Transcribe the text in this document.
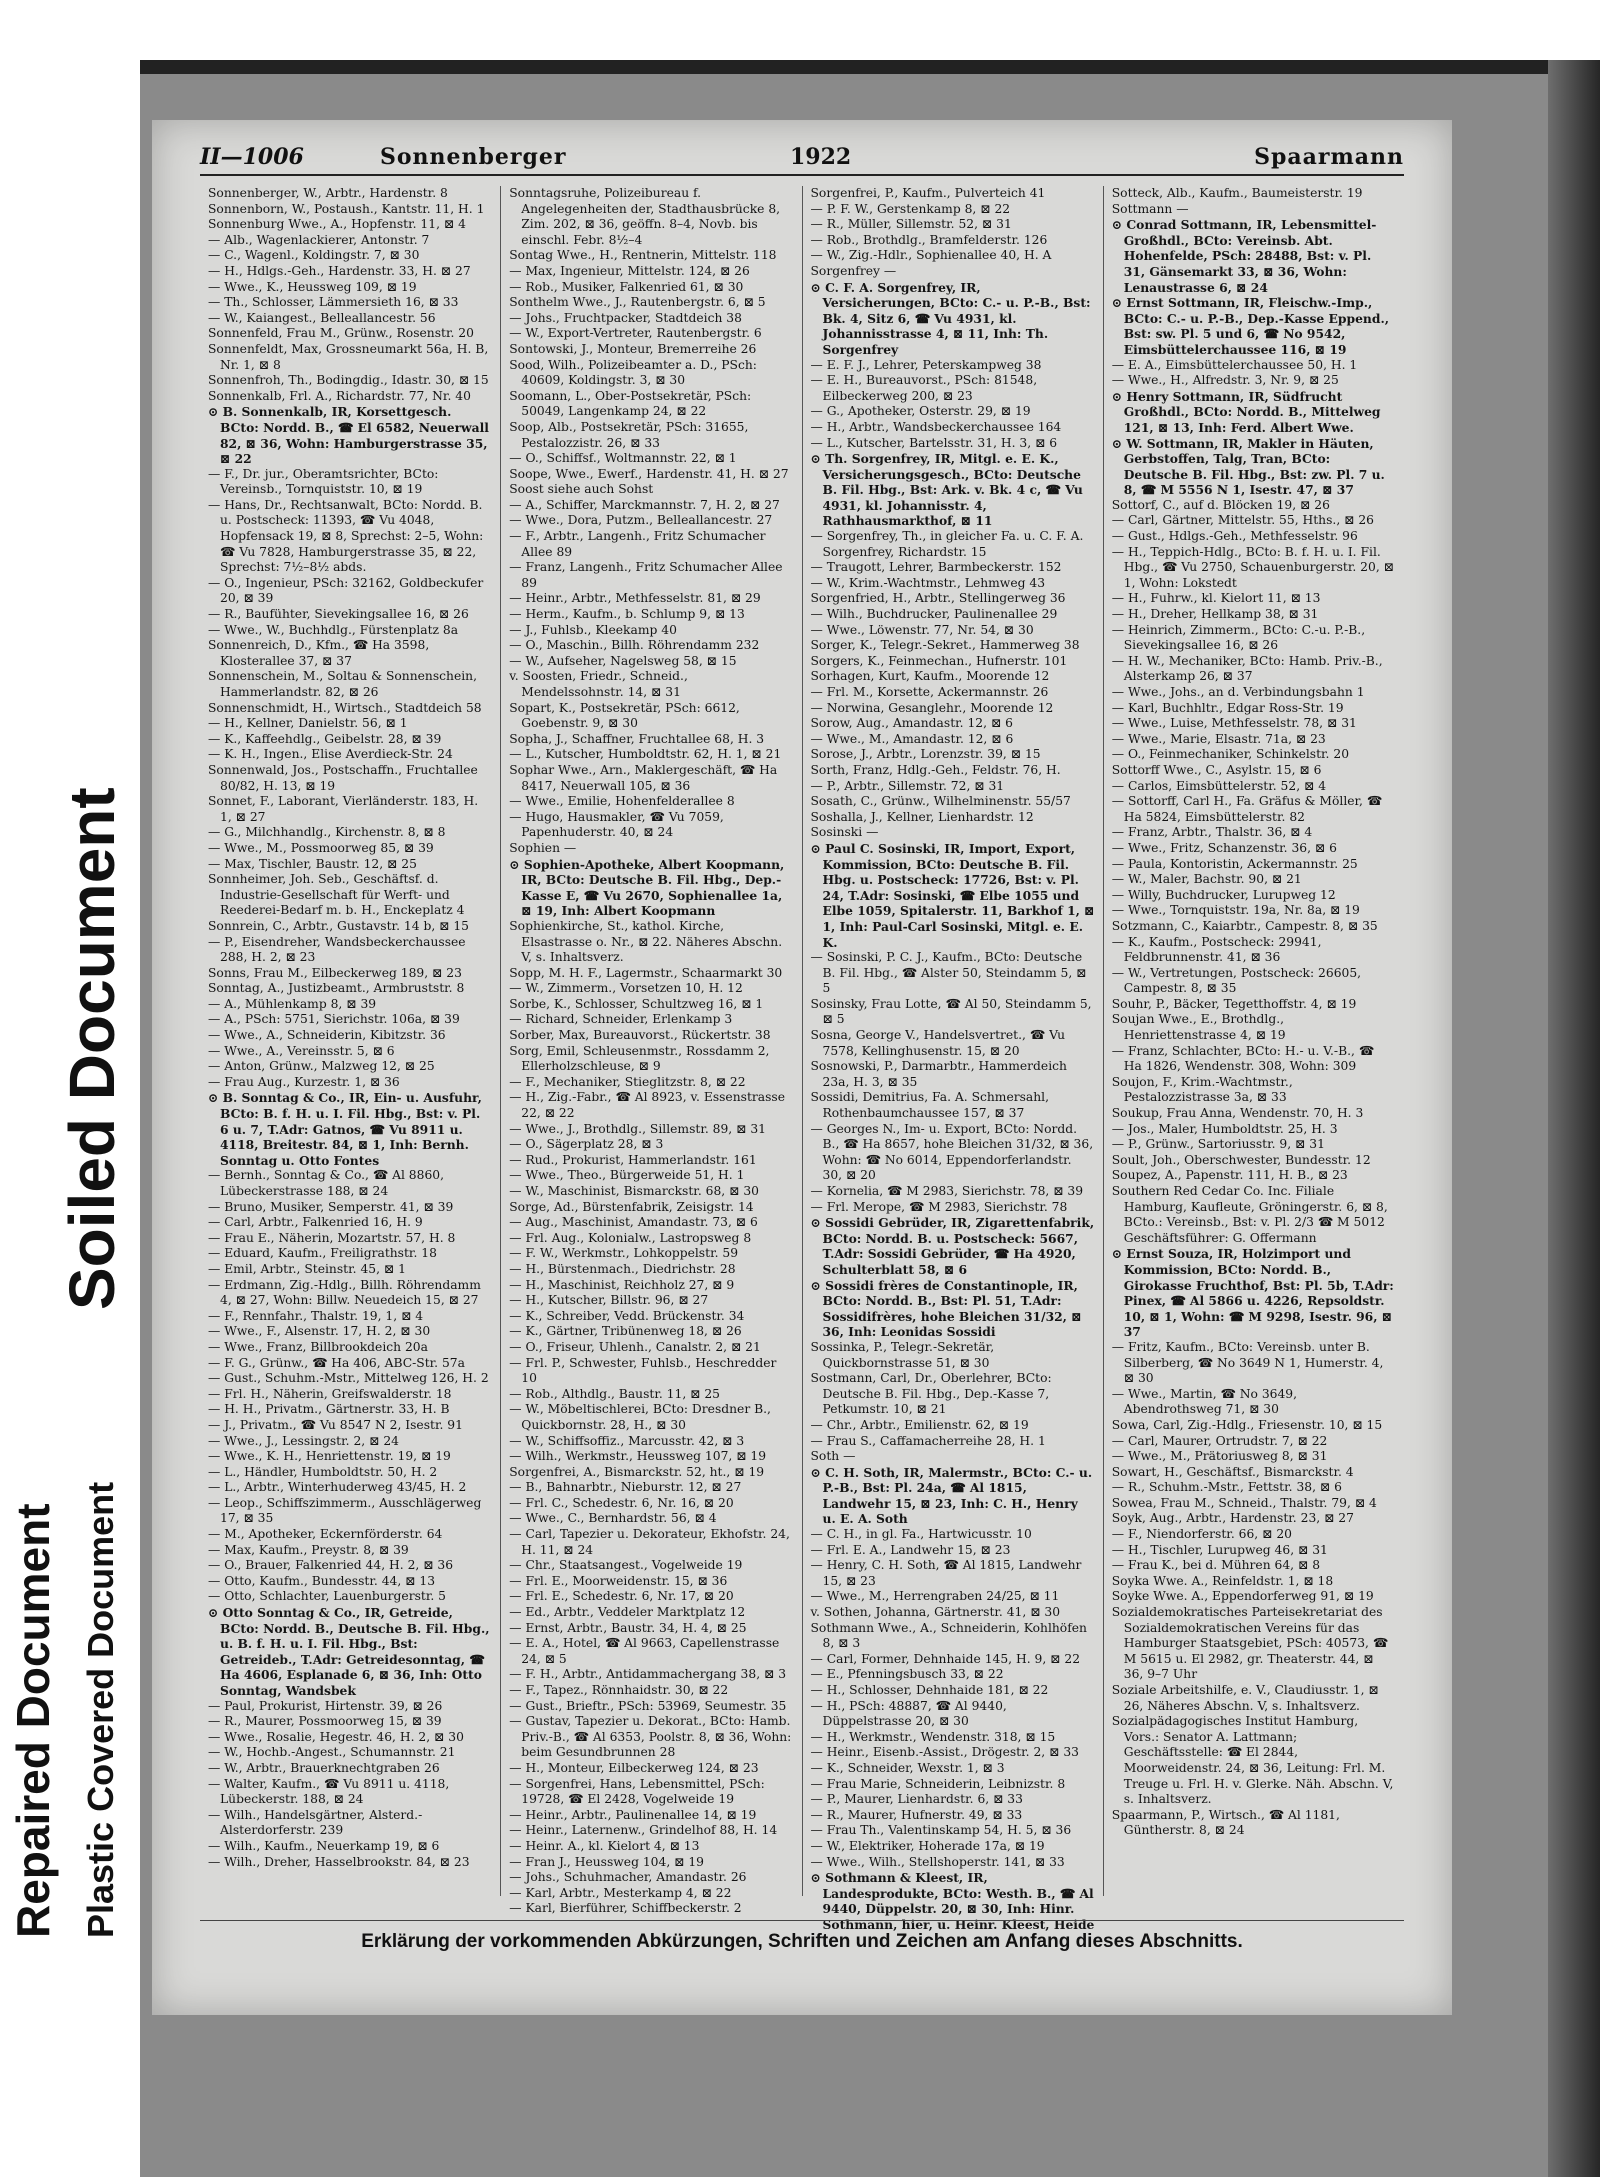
Repaired Document Plastic Covered Document
Soiled Document
II—1006	Sonnenberger	1922	Spaarmann
Sonnenberger, W., Arbtr., Hardenstr. 8
Sonnenborn, W., Postaush., Kantstr. 11, H. 1
Sonnenburg Wwe., A., Hopfenstr. 11, ⊠ 4
— Alb., Wagenlackierer, Antonstr. 7
— C., Wagenl., Koldingstr. 7, ⊠ 30
— H., Hdlgs.-Geh., Hardenstr. 33, H. ⊠ 27
— Wwe., K., Heussweg 109, ⊠ 19
— Th., Schlosser, Lämmersieth 16, ⊠ 33
— W., Kaiangest., Belleallancestr. 56
Sonnenfeld, Frau M., Grünw., Rosenstr. 20
Sonnenfeldt, Max, Grossneumarkt 56a, H. B, Nr. 1, ⊠ 8
Sonnenfroh, Th., Bodingdig., Idastr. 30, ⊠ 15
Sonnenkalb, Frl. A., Richardstr. 77, Nr. 40
⊙ B. Sonnenkalb, IR, Korsettgesch. BCto: Nordd. B., ☎ El 6582, Neuerwall 82, ⊠ 36, Wohn: Hamburgerstrasse 35, ⊠ 22
— F., Dr. jur., Oberamtsrichter, BCto: Vereinsb., Tornquiststr. 10, ⊠ 19
— Hans, Dr., Rechtsanwalt, BCto: Nordd. B. u. Postscheck: 11393, ☎ Vu 4048, Hopfensack 19, ⊠ 8, Sprechst: 2–5, Wohn: ☎ Vu 7828, Hamburgerstrasse 35, ⊠ 22, Sprechst: 7½–8½ abds.
— O., Ingenieur, PSch: 32162, Goldbeckufer 20, ⊠ 39
— R., Baufühter, Sievekingsallee 16, ⊠ 26
— Wwe., W., Buchhdlg., Fürstenplatz 8a
Sonnenreich, D., Kfm., ☎ Ha 3598, Klosterallee 37, ⊠ 37
Sonnenschein, M., Soltau & Sonnenschein, Hammerlandstr. 82, ⊠ 26
Sonnenschmidt, H., Wirtsch., Stadtdeich 58
— H., Kellner, Danielstr. 56, ⊠ 1
— K., Kaffeehdlg., Geibelstr. 28, ⊠ 39
— K. H., Ingen., Elise Averdieck-Str. 24
Sonnenwald, Jos., Postschaffn., Fruchtallee 80/82, H. 13, ⊠ 19
Sonnet, F., Laborant, Vierländerstr. 183, H. 1, ⊠ 27
— G., Milchhandlg., Kirchenstr. 8, ⊠ 8
— Wwe., M., Possmoorweg 85, ⊠ 39
— Max, Tischler, Baustr. 12, ⊠ 25
Sonnheimer, Joh. Seb., Geschäftsf. d. Industrie-Gesellschaft für Werft- und Reederei-Bedarf m. b. H., Enckeplatz 4
Sonnrein, C., Arbtr., Gustavstr. 14 b, ⊠ 15
— P., Eisendreher, Wandsbeckerchaussee 288, H. 2, ⊠ 23
Sonns, Frau M., Eilbeckerweg 189, ⊠ 23
Sonntag, A., Justizbeamt., Armbruststr. 8
— A., Mühlenkamp 8, ⊠ 39
— A., PSch: 5751, Sierichstr. 106a, ⊠ 39
— Wwe., A., Schneiderin, Kibitzstr. 36
— Wwe., A., Vereinsstr. 5, ⊠ 6
— Anton, Grünw., Malzweg 12, ⊠ 25
— Frau Aug., Kurzestr. 1, ⊠ 36
⊙ B. Sonntag & Co., IR, Ein- u. Ausfuhr, BCto: B. f. H. u. I. Fil. Hbg., Bst: v. Pl. 6 u. 7, T.Adr: Gatnos, ☎ Vu 8911 u. 4118, Breitestr. 84, ⊠ 1, Inh: Bernh. Sonntag u. Otto Fontes
— Bernh., Sonntag & Co., ☎ Al 8860, Lübeckerstrasse 188, ⊠ 24
— Bruno, Musiker, Semperstr. 41, ⊠ 39
— Carl, Arbtr., Falkenried 16, H. 9
— Frau E., Näherin, Mozartstr. 57, H. 8
— Eduard, Kaufm., Freiligrathstr. 18
— Emil, Arbtr., Steinstr. 45, ⊠ 1
— Erdmann, Zig.-Hdlg., Billh. Röhrendamm 4, ⊠ 27, Wohn: Billw. Neuedeich 15, ⊠ 27
— F., Rennfahr., Thalstr. 19, 1, ⊠ 4
— Wwe., F., Alsenstr. 17, H. 2, ⊠ 30
— Wwe., Franz, Billbrookdeich 20a
— F. G., Grünw., ☎ Ha 406, ABC-Str. 57a
— Gust., Schuhm.-Mstr., Mittelweg 126, H. 2
— Frl. H., Näherin, Greifswalderstr. 18
— H. H., Privatm., Gärtnerstr. 33, H. B
— J., Privatm., ☎ Vu 8547 N 2, Isestr. 91
— Wwe., J., Lessingstr. 2, ⊠ 24
— Wwe., K. H., Henriettenstr. 19, ⊠ 19
— L., Händler, Humboldtstr. 50, H. 2
— L., Arbtr., Winterhuderweg 43/45, H. 2
— Leop., Schiffszimmerm., Ausschlägerweg 17, ⊠ 35
— M., Apotheker, Eckernförderstr. 64
— Max, Kaufm., Preystr. 8, ⊠ 39
— O., Brauer, Falkenried 44, H. 2, ⊠ 36
— Otto, Kaufm., Bundesstr. 44, ⊠ 13
— Otto, Schlachter, Lauenburgerstr. 5
⊙ Otto Sonntag & Co., IR, Getreide, BCto: Nordd. B., Deutsche B. Fil. Hbg., u. B. f. H. u. I. Fil. Hbg., Bst: Getreideb., T.Adr: Getreidesonntag, ☎ Ha 4606, Esplanade 6, ⊠ 36, Inh: Otto Sonntag, Wandsbek
— Paul, Prokurist, Hirtenstr. 39, ⊠ 26
— R., Maurer, Possmoorweg 15, ⊠ 39
— Wwe., Rosalie, Hegestr. 46, H. 2, ⊠ 30
— W., Hochb.-Angest., Schumannstr. 21
— W., Arbtr., Brauerknechtgraben 26
— Walter, Kaufm., ☎ Vu 8911 u. 4118, Lübeckerstr. 188, ⊠ 24
— Wilh., Handelsgärtner, Alsterd.-Alsterdorferstr. 239
— Wilh., Kaufm., Neuerkamp 19, ⊠ 6
— Wilh., Dreher, Hasselbrookstr. 84, ⊠ 23
Sonntagsruhe, Polizeibureau f. Angelegenheiten der, Stadthausbrücke 8, Zim. 202, ⊠ 36, geöffn. 8–4, Novb. bis einschl. Febr. 8½–4
Sontag Wwe., H., Rentnerin, Mittelstr. 118
— Max, Ingenieur, Mittelstr. 124, ⊠ 26
— Rob., Musiker, Falkenried 61, ⊠ 30
Sonthelm Wwe., J., Rautenbergstr. 6, ⊠ 5
— Johs., Fruchtpacker, Stadtdeich 38
— W., Export-Vertreter, Rautenbergstr. 6
Sontowski, J., Monteur, Bremerreihe 26
Sood, Wilh., Polizeibeamter a. D., PSch: 40609, Koldingstr. 3, ⊠ 30
Soomann, L., Ober-Postsekretär, PSch: 50049, Langenkamp 24, ⊠ 22
Soop, Alb., Postsekretär, PSch: 31655, Pestalozzistr. 26, ⊠ 33
— O., Schiffsf., Woltmannstr. 22, ⊠ 1
Soope, Wwe., Ewerf., Hardenstr. 41, H. ⊠ 27
Soost siehe auch Sohst
— A., Schiffer, Marckmannstr. 7, H. 2, ⊠ 27
— Wwe., Dora, Putzm., Belleallancestr. 27
— F., Arbtr., Langenh., Fritz Schumacher Allee 89
— Franz, Langenh., Fritz Schumacher Allee 89
— Heinr., Arbtr., Methfesselstr. 81, ⊠ 29
— Herm., Kaufm., b. Schlump 9, ⊠ 13
— J., Fuhlsb., Kleekamp 40
— O., Maschin., Billh. Röhrendamm 232
— W., Aufseher, Nagelsweg 58, ⊠ 15
v. Soosten, Friedr., Schneid., Mendelssohnstr. 14, ⊠ 31
Sopart, K., Postsekretär, PSch: 6612, Goebenstr. 9, ⊠ 30
Sopha, J., Schaffner, Fruchtallee 68, H. 3
— L., Kutscher, Humboldtstr. 62, H. 1, ⊠ 21
Sophar Wwe., Arn., Maklergeschäft, ☎ Ha 8417, Neuerwall 105, ⊠ 36
— Wwe., Emilie, Hohenfelderallee 8
— Hugo, Hausmakler, ☎ Vu 7059, Papenhuderstr. 40, ⊠ 24
Sophien —
⊙ Sophien-Apotheke, Albert Koopmann, IR, BCto: Deutsche B. Fil. Hbg., Dep.-Kasse E, ☎ Vu 2670, Sophienallee 1a, ⊠ 19, Inh: Albert Koopmann
Sophienkirche, St., kathol. Kirche, Elsastrasse o. Nr., ⊠ 22. Näheres Abschn. V, s. Inhaltsverz.
Sopp, M. H. F., Lagermstr., Schaarmarkt 30
— W., Zimmerm., Vorsetzen 10, H. 12
Sorbe, K., Schlosser, Schultzweg 16, ⊠ 1
— Richard, Schneider, Erlenkamp 3
Sorber, Max, Bureauvorst., Rückertstr. 38
Sorg, Emil, Schleusenmstr., Rossdamm 2, Ellerholzschleuse, ⊠ 9
— F., Mechaniker, Stieglitzstr. 8, ⊠ 22
— H., Zig.-Fabr., ☎ Al 8923, v. Essenstrasse 22, ⊠ 22
— Wwe., J., Brothdlg., Sillemstr. 89, ⊠ 31
— O., Sägerplatz 28, ⊠ 3
— Rud., Prokurist, Hammerlandstr. 161
— Wwe., Theo., Bürgerweide 51, H. 1
— W., Maschinist, Bismarckstr. 68, ⊠ 30
Sorge, Ad., Bürstenfabrik, Zeisigstr. 14
— Aug., Maschinist, Amandastr. 73, ⊠ 6
— Frl. Aug., Kolonialw., Lastropsweg 8
— F. W., Werkmstr., Lohkoppelstr. 59
— H., Bürstenmach., Diedrichstr. 28
— H., Maschinist, Reichholz 27, ⊠ 9
— H., Kutscher, Billstr. 96, ⊠ 27
— K., Schreiber, Vedd. Brückenstr. 34
— K., Gärtner, Tribünenweg 18, ⊠ 26
— O., Friseur, Uhlenh., Canalstr. 2, ⊠ 21
— Frl. P., Schwester, Fuhlsb., Heschredder 10
— Rob., Althdlg., Baustr. 11, ⊠ 25
— W., Möbeltischlerei, BCto: Dresdner B., Quickbornstr. 28, H., ⊠ 30
— W., Schiffsoffiz., Marcusstr. 42, ⊠ 3
— Wilh., Werkmstr., Heussweg 107, ⊠ 19
Sorgenfrei, A., Bismarckstr. 52, ht., ⊠ 19
— B., Bahnarbtr., Nieburstr. 12, ⊠ 27
— Frl. C., Schedestr. 6, Nr. 16, ⊠ 20
— Wwe., C., Bernhardstr. 56, ⊠ 4
— Carl, Tapezier u. Dekorateur, Ekhofstr. 24, H. 11, ⊠ 24
— Chr., Staatsangest., Vogelweide 19
— Frl. E., Moorweidenstr. 15, ⊠ 36
— Frl. E., Schedestr. 6, Nr. 17, ⊠ 20
— Ed., Arbtr., Veddeler Marktplatz 12
— Ernst, Arbtr., Baustr. 34, H. 4, ⊠ 25
— E. A., Hotel, ☎ Al 9663, Capellenstrasse 24, ⊠ 5
— F. H., Arbtr., Antidammachergang 38, ⊠ 3
— F., Tapez., Rönnhaidstr. 30, ⊠ 22
— Gust., Brieftr., PSch: 53969, Seumestr. 35
— Gustav, Tapezier u. Dekorat., BCto: Hamb. Priv.-B., ☎ Al 6353, Poolstr. 8, ⊠ 36, Wohn: beim Gesundbrunnen 28
— H., Monteur, Eilbeckerweg 124, ⊠ 23
— Sorgenfrei, Hans, Lebensmittel, PSch: 19728, ☎ El 2428, Vogelweide 19
— Heinr., Arbtr., Paulinenallee 14, ⊠ 19
— Heinr., Laternenw., Grindelhof 88, H. 14
— Heinr. A., kl. Kielort 4, ⊠ 13
— Fran J., Heussweg 104, ⊠ 19
— Johs., Schuhmacher, Amandastr. 26
— Karl, Arbtr., Mesterkamp 4, ⊠ 22
— Karl, Bierführer, Schiffbeckerstr. 2
Sorgenfrei, P., Kaufm., Pulverteich 41
— P. F. W., Gerstenkamp 8, ⊠ 22
— R., Müller, Sillemstr. 52, ⊠ 31
— Rob., Brothdlg., Bramfelderstr. 126
— W., Zig.-Hdlr., Sophienallee 40, H. A
Sorgenfrey —
⊙ C. F. A. Sorgenfrey, IR, Versicherungen, BCto: C.- u. P.-B., Bst: Bk. 4, Sitz 6, ☎ Vu 4931, kl. Johannisstrasse 4, ⊠ 11, Inh: Th. Sorgenfrey
— E. F. J., Lehrer, Peterskampweg 38
— E. H., Bureauvorst., PSch: 81548, Eilbeckerweg 200, ⊠ 23
— G., Apotheker, Osterstr. 29, ⊠ 19
— H., Arbtr., Wandsbeckerchaussee 164
— L., Kutscher, Bartelsstr. 31, H. 3, ⊠ 6
⊙ Th. Sorgenfrey, IR, Mitgl. e. E. K., Versicherungsgesch., BCto: Deutsche B. Fil. Hbg., Bst: Ark. v. Bk. 4 c, ☎ Vu 4931, kl. Johannisstr. 4, Rathhausmarkthof, ⊠ 11
— Sorgenfrey, Th., in gleicher Fa. u. C. F. A. Sorgenfrey, Richardstr. 15
— Traugott, Lehrer, Barmbeckerstr. 152
— W., Krim.-Wachtmstr., Lehmweg 43
Sorgenfried, H., Arbtr., Stellingerweg 36
— Wilh., Buchdrucker, Paulinenallee 29
— Wwe., Löwenstr. 77, Nr. 54, ⊠ 30
Sorger, K., Telegr.-Sekret., Hammerweg 38
Sorgers, K., Feinmechan., Hufnerstr. 101
Sorhagen, Kurt, Kaufm., Moorende 12
— Frl. M., Korsette, Ackermannstr. 26
— Norwina, Gesanglehr., Moorende 12
Sorow, Aug., Amandastr. 12, ⊠ 6
— Wwe., M., Amandastr. 12, ⊠ 6
Sorose, J., Arbtr., Lorenzstr. 39, ⊠ 15
Sorth, Franz, Hdlg.-Geh., Feldstr. 76, H.
— P., Arbtr., Sillemstr. 72, ⊠ 31
Sosath, C., Grünw., Wilhelminenstr. 55/57
Soshalla, J., Kellner, Lienhardstr. 12
Sosinski —
⊙ Paul C. Sosinski, IR, Import, Export, Kommission, BCto: Deutsche B. Fil. Hbg. u. Postscheck: 17726, Bst: v. Pl. 24, T.Adr: Sosinski, ☎ Elbe 1055 und Elbe 1059, Spitalerstr. 11, Barkhof 1, ⊠ 1, Inh: Paul-Carl Sosinski, Mitgl. e. E. K.
— Sosinski, P. C. J., Kaufm., BCto: Deutsche B. Fil. Hbg., ☎ Alster 50, Steindamm 5, ⊠ 5
Sosinsky, Frau Lotte, ☎ Al 50, Steindamm 5, ⊠ 5
Sosna, George V., Handelsvertret., ☎ Vu 7578, Kellinghusenstr. 15, ⊠ 20
Sosnowski, P., Darmarbtr., Hammerdeich 23a, H. 3, ⊠ 35
Sossidi, Demitrius, Fa. A. Schmersahl, Rothenbaumchaussee 157, ⊠ 37
— Georges N., Im- u. Export, BCto: Nordd. B., ☎ Ha 8657, hohe Bleichen 31/32, ⊠ 36, Wohn: ☎ No 6014, Eppendorferlandstr. 30, ⊠ 20
— Kornelia, ☎ M 2983, Sierichstr. 78, ⊠ 39
— Frl. Merope, ☎ M 2983, Sierichstr. 78
⊙ Sossidi Gebrüder, IR, Zigarettenfabrik, BCto: Nordd. B. u. Postscheck: 5667, T.Adr: Sossidi Gebrüder, ☎ Ha 4920, Schulterblatt 58, ⊠ 6
⊙ Sossidi frères de Constantinople, IR, BCto: Nordd. B., Bst: Pl. 51, T.Adr: Sossidifrères, hohe Bleichen 31/32, ⊠ 36, Inh: Leonidas Sossidi
Sossinka, P., Telegr.-Sekretär, Quickbornstrasse 51, ⊠ 30
Sostmann, Carl, Dr., Oberlehrer, BCto: Deutsche B. Fil. Hbg., Dep.-Kasse 7, Petkumstr. 10, ⊠ 21
— Chr., Arbtr., Emilienstr. 62, ⊠ 19
— Frau S., Caffamacherreihe 28, H. 1
Soth —
⊙ C. H. Soth, IR, Malermstr., BCto: C.- u. P.-B., Bst: Pl. 24a, ☎ Al 1815, Landwehr 15, ⊠ 23, Inh: C. H., Henry u. E. A. Soth
— C. H., in gl. Fa., Hartwicusstr. 10
— Frl. E. A., Landwehr 15, ⊠ 23
— Henry, C. H. Soth, ☎ Al 1815, Landwehr 15, ⊠ 23
— Wwe., M., Herrengraben 24/25, ⊠ 11
v. Sothen, Johanna, Gärtnerstr. 41, ⊠ 30
Sothmann Wwe., A., Schneiderin, Kohlhöfen 8, ⊠ 3
— Carl, Former, Dehnhaide 145, H. 9, ⊠ 22
— E., Pfenningsbusch 33, ⊠ 22
— H., Schlosser, Dehnhaide 181, ⊠ 22
— H., PSch: 48887, ☎ Al 9440, Düppelstrasse 20, ⊠ 30
— H., Werkmstr., Wendenstr. 318, ⊠ 15
— Heinr., Eisenb.-Assist., Drögestr. 2, ⊠ 33
— K., Schneider, Wexstr. 1, ⊠ 3
— Frau Marie, Schneiderin, Leibnizstr. 8
— P., Maurer, Lienhardstr. 6, ⊠ 33
— R., Maurer, Hufnerstr. 49, ⊠ 33
— Frau Th., Valentinskamp 54, H. 5, ⊠ 36
— W., Elektriker, Hoherade 17a, ⊠ 19
— Wwe., Wilh., Stellshoperstr. 141, ⊠ 33
⊙ Sothmann & Kleest, IR, Landesprodukte, BCto: Westh. B., ☎ Al 9440, Düppelstr. 20, ⊠ 30, Inh: Hinr. Sothmann, hier, u. Heinr. Kleest, Heide
Sotteck, Alb., Kaufm., Baumeisterstr. 19
Sottmann —
⊙ Conrad Sottmann, IR, Lebensmittel-Großhdl., BCto: Vereinsb. Abt. Hohenfelde, PSch: 28488, Bst: v. Pl. 31, Gänsemarkt 33, ⊠ 36, Wohn: Lenaustrasse 6, ⊠ 24
⊙ Ernst Sottmann, IR, Fleischw.-Imp., BCto: C.- u. P.-B., Dep.-Kasse Eppend., Bst: sw. Pl. 5 und 6, ☎ No 9542, Eimsbüttelerchaussee 116, ⊠ 19
— E. A., Eimsbüttelerchaussee 50, H. 1
— Wwe., H., Alfredstr. 3, Nr. 9, ⊠ 25
⊙ Henry Sottmann, IR, Südfrucht Großhdl., BCto: Nordd. B., Mittelweg 121, ⊠ 13, Inh: Ferd. Albert Wwe.
⊙ W. Sottmann, IR, Makler in Häuten, Gerbstoffen, Talg, Tran, BCto: Deutsche B. Fil. Hbg., Bst: zw. Pl. 7 u. 8, ☎ M 5556 N 1, Isestr. 47, ⊠ 37
Sottorf, C., auf d. Blöcken 19, ⊠ 26
— Carl, Gärtner, Mittelstr. 55, Hths., ⊠ 26
— Gust., Hdlgs.-Geh., Methfesselstr. 96
— H., Teppich-Hdlg., BCto: B. f. H. u. I. Fil. Hbg., ☎ Vu 2750, Schauenburgerstr. 20, ⊠ 1, Wohn: Lokstedt
— H., Fuhrw., kl. Kielort 11, ⊠ 13
— H., Dreher, Hellkamp 38, ⊠ 31
— Heinrich, Zimmerm., BCto: C.-u. P.-B., Sievekingsallee 16, ⊠ 26
— H. W., Mechaniker, BCto: Hamb. Priv.-B., Alsterkamp 26, ⊠ 37
— Wwe., Johs., an d. Verbindungsbahn 1
— Karl, Buchhltr., Edgar Ross-Str. 19
— Wwe., Luise, Methfesselstr. 78, ⊠ 31
— Wwe., Marie, Elsastr. 71a, ⊠ 23
— O., Feinmechaniker, Schinkelstr. 20
Sottorff Wwe., C., Asylstr. 15, ⊠ 6
— Carlos, Eimsbüttelerstr. 52, ⊠ 4
— Sottorff, Carl H., Fa. Gräfus & Möller, ☎ Ha 5824, Eimsbüttelerstr. 82
— Franz, Arbtr., Thalstr. 36, ⊠ 4
— Wwe., Fritz, Schanzenstr. 36, ⊠ 6
— Paula, Kontoristin, Ackermannstr. 25
— W., Maler, Bachstr. 90, ⊠ 21
— Willy, Buchdrucker, Lurupweg 12
— Wwe., Tornquiststr. 19a, Nr. 8a, ⊠ 19
Sotzmann, C., Kaiarbtr., Campestr. 8, ⊠ 35
— K., Kaufm., Postscheck: 29941, Feldbrunnenstr. 41, ⊠ 36
— W., Vertretungen, Postscheck: 26605, Campestr. 8, ⊠ 35
Souhr, P., Bäcker, Tegetthoffstr. 4, ⊠ 19
Soujan Wwe., E., Brothdlg., Henriettenstrasse 4, ⊠ 19
— Franz, Schlachter, BCto: H.- u. V.-B., ☎ Ha 1826, Wendenstr. 308, Wohn: 309
Soujon, F., Krim.-Wachtmstr., Pestalozzistrasse 3a, ⊠ 33
Soukup, Frau Anna, Wendenstr. 70, H. 3
— Jos., Maler, Humboldtstr. 25, H. 3
— P., Grünw., Sartoriusstr. 9, ⊠ 31
Soult, Joh., Oberschwester, Bundesstr. 12
Soupez, A., Papenstr. 111, H. B., ⊠ 23
Southern Red Cedar Co. Inc. Filiale Hamburg, Kaufleute, Gröningerstr. 6, ⊠ 8, BCto.: Vereinsb., Bst: v. Pl. 2/3 ☎ M 5012 Geschäftsführer: G. Offermann
⊙ Ernst Souza, IR, Holzimport und Kommission, BCto: Nordd. B., Girokasse Fruchthof, Bst: Pl. 5b, T.Adr: Pinex, ☎ Al 5866 u. 4226, Repsoldstr. 10, ⊠ 1, Wohn: ☎ M 9298, Isestr. 96, ⊠ 37
— Fritz, Kaufm., BCto: Vereinsb. unter B. Silberberg, ☎ No 3649 N 1, Humerstr. 4, ⊠ 30
— Wwe., Martin, ☎ No 3649, Abendrothsweg 71, ⊠ 30
Sowa, Carl, Zig.-Hdlg., Friesenstr. 10, ⊠ 15
— Carl, Maurer, Ortrudstr. 7, ⊠ 22
— Wwe., M., Prätoriusweg 8, ⊠ 31
Sowart, H., Geschäftsf., Bismarckstr. 4
— R., Schuhm.-Mstr., Fettstr. 38, ⊠ 6
Sowea, Frau M., Schneid., Thalstr. 79, ⊠ 4
Soyk, Aug., Arbtr., Hardenstr. 23, ⊠ 27
— F., Niendorferstr. 66, ⊠ 20
— H., Tischler, Lurupweg 46, ⊠ 31
— Frau K., bei d. Mühren 64, ⊠ 8
Soyka Wwe. A., Reinfeldstr. 1, ⊠ 18
Soyke Wwe. A., Eppendorferweg 91, ⊠ 19
Sozialdemokratisches Parteisekretariat des Sozialdemokratischen Vereins für das Hamburger Staatsgebiet, PSch: 40573, ☎ M 5615 u. El 2982, gr. Theaterstr. 44, ⊠ 36, 9–7 Uhr
Soziale Arbeitshilfe, e. V., Claudiusstr. 1, ⊠ 26, Näheres Abschn. V, s. Inhaltsverz.
Sozialpädagogisches Institut Hamburg, Vors.: Senator A. Lattmann; Geschäftsstelle: ☎ El 2844, Moorweidenstr. 24, ⊠ 36, Leitung: Frl. M. Treuge u. Frl. H. v. Glerke. Näh. Abschn. V, s. Inhaltsverz.
Spaarmann, P., Wirtsch., ☎ Al 1181, Güntherstr. 8, ⊠ 24
Erklärung der vorkommenden Abkürzungen, Schriften und Zeichen am Anfang dieses Abschnitts.
